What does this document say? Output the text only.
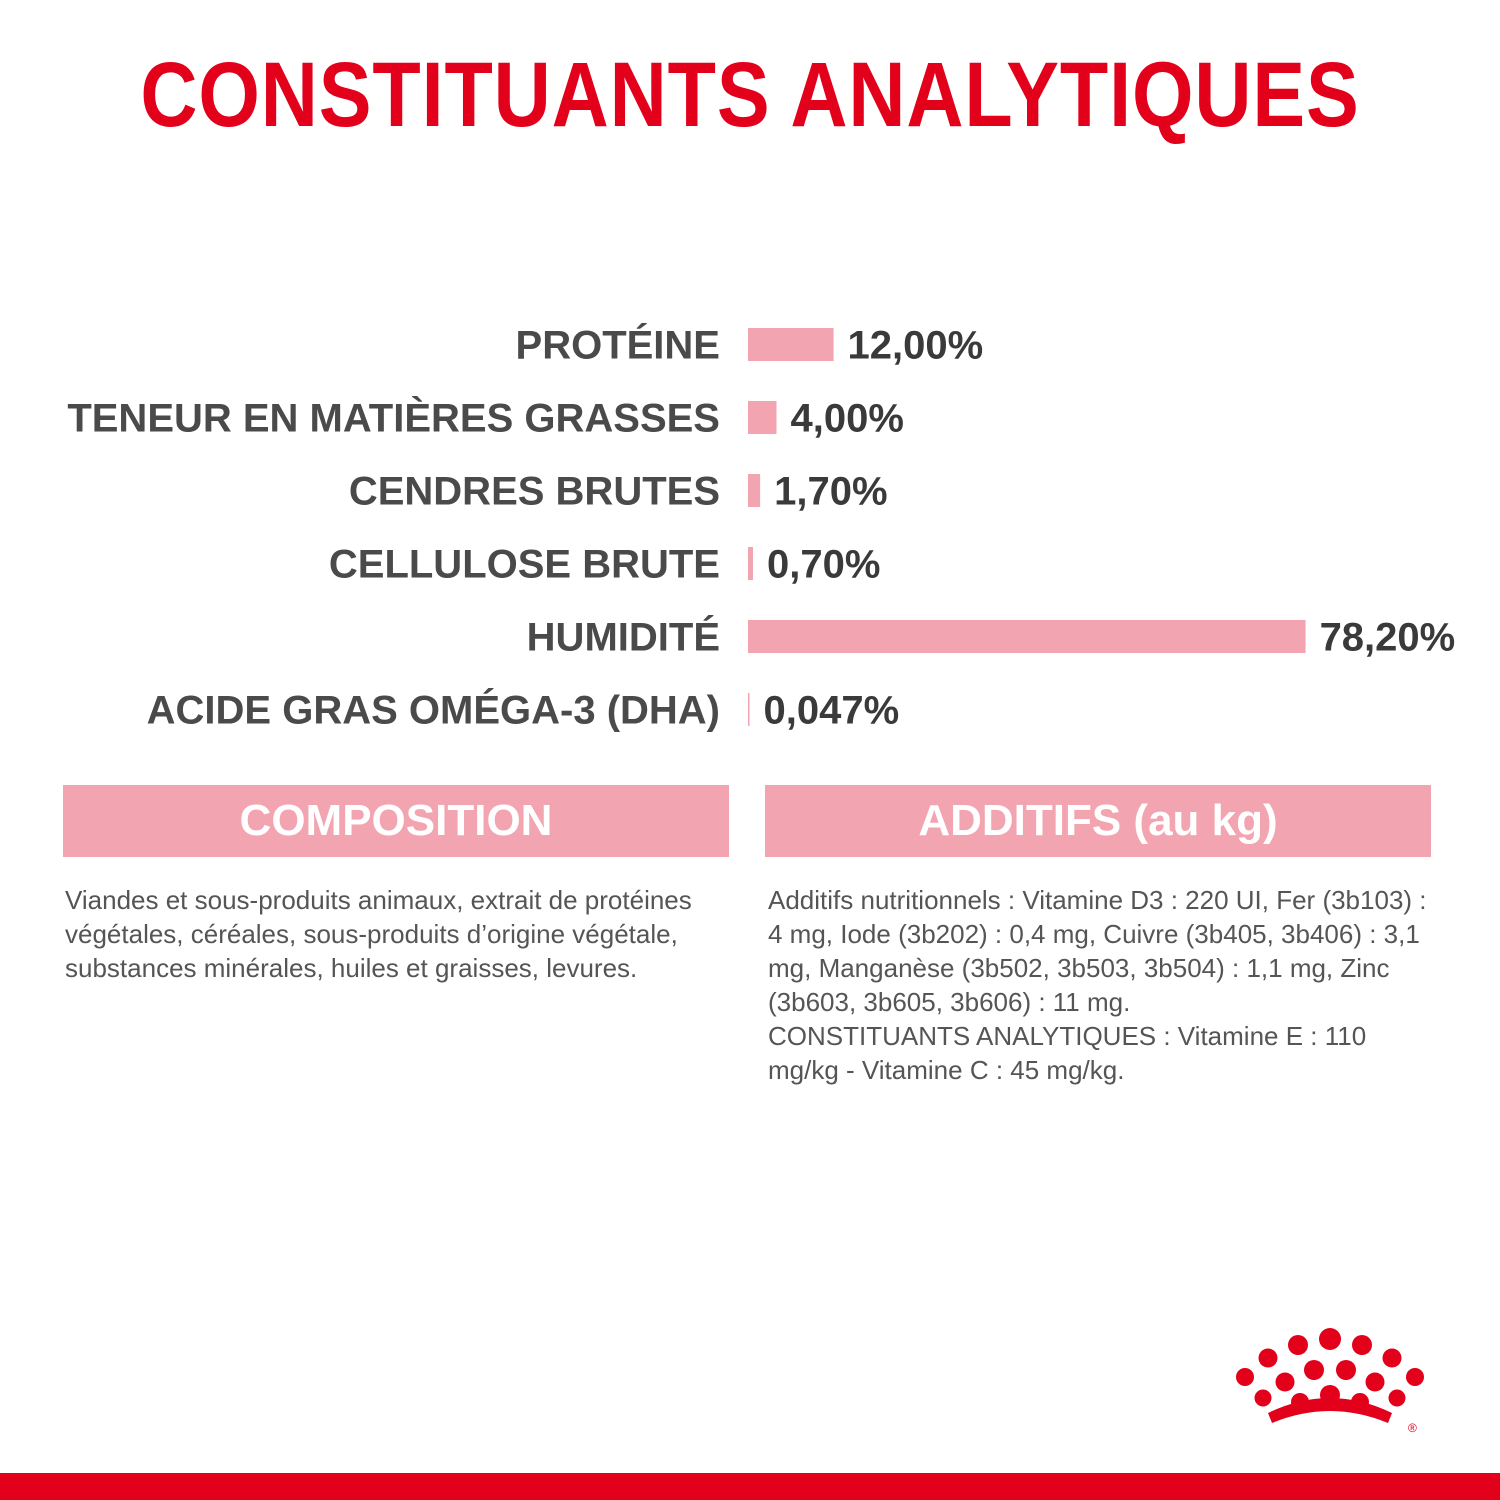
CONSTITUANTS ANALYTIQUES
PROTÉINE	12,00%
TENEUR EN MATIÈRES GRASSES 4,00%
CENDRES BRUTES 1,70%
CELLULOSE BRUTE 0,70%
HUMIDITÉ	78,20%
ACIDE GRAS OMÉGA-3 (DHA) 0,047%
COMPOSITION	ADDITIFS (au kg)

Viandes et sous-produits animaux, extrait de protéines végétales, céréales, sous-produits d’origine végétale, substances minérales, huiles et graisses, levures.

Additifs nutritionnels : Vitamine D3 : 220 UI, Fer (3b103) : 4 mg, Iode (3b202) : 0,4 mg, Cuivre (3b405, 3b406) : 3,1 mg, Manganèse (3b502, 3b503, 3b504) : 1,1 mg, Zinc (3b603, 3b605, 3b606) : 11 mg.

CONSTITUANTS ANALYTIQUES : Vitamine E : 110 mg/kg - Vitamine C : 45 mg/kg.

®
